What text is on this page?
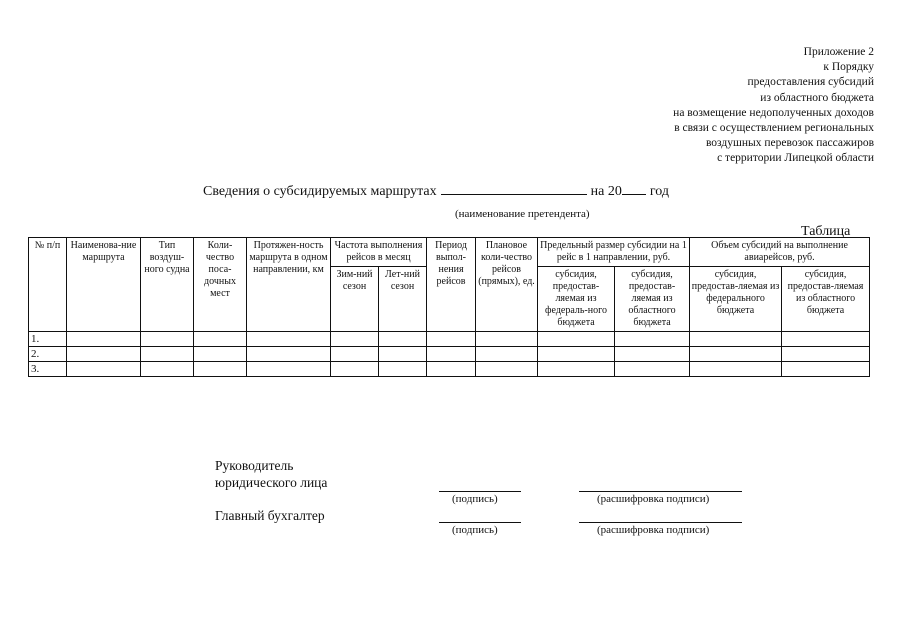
Приложение 2
к Порядку
предоставления субсидий
из областного бюджета
на возмещение недополученных доходов
в связи с осуществлением региональных
воздушных перевозок пассажиров
с территории Липецкой области
Сведения о субсидируемых маршрутах	на 20 год
(наименование претендента)
Таблица
№ п/п	Наименова-ние маршрута	Тип воздуш-ного судна	Коли-чество поса-дочных мест	Протяжен-ность маршрута в одном направлении, км	Частота выполнения рейсов в месяц		Период выпол-нения рейсов	Плановое коли-чество рейсов (прямых), ед.	Предельный размер субсидии на 1 рейс в 1 направлении, руб.		Объем субсидий на выполнение авиарейсов, руб.	
					Зим-ний сезон	Лет-ний сезон			субсидия, предостав-ляемая из федераль-ного бюджета	субсидия, предостав-ляемая из областного бюджета	субсидия, предостав-ляемая из федерального бюджета	субсидия, предостав-ляемая из областного бюджета
1.												
2.												
3.												
Руководитель
юридического лица
(подпись)	(расшифровка подписи)
Главный бухгалтер
(подпись)	(расшифровка подписи)
